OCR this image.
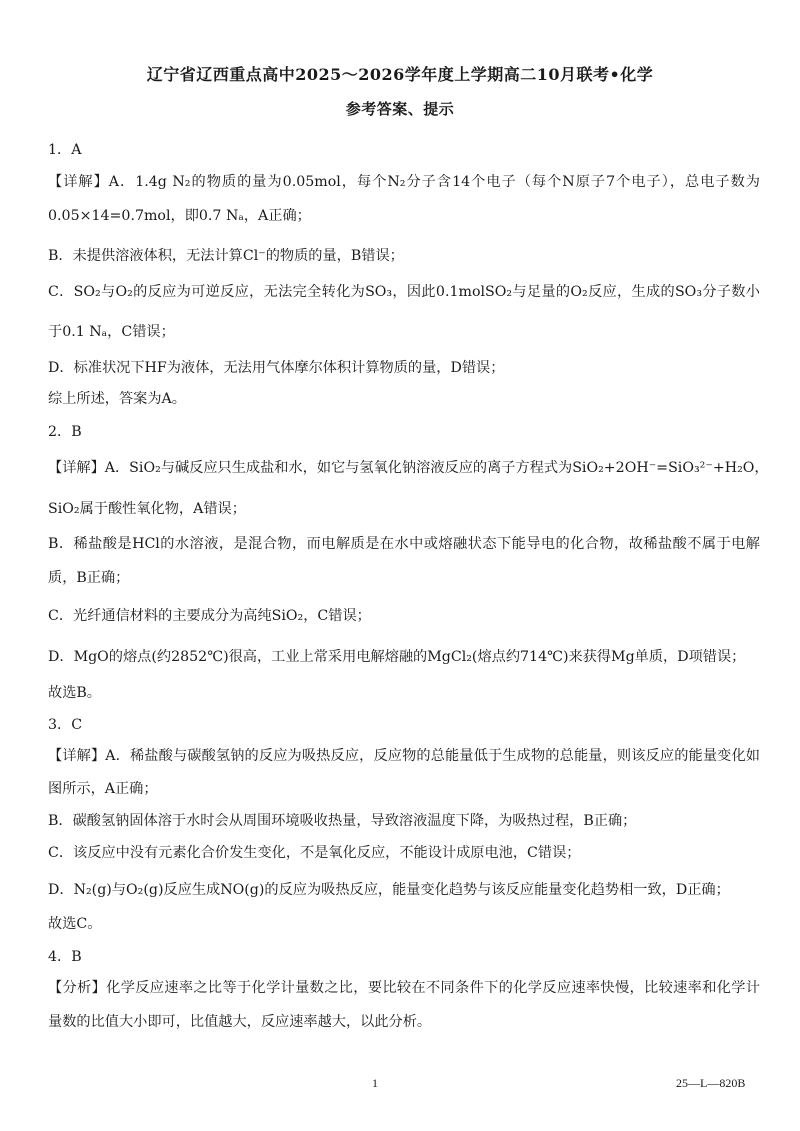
辽宁省辽西重点高中2025～2026学年度上学期高二10月联考•化学
参考答案、提示
1．A
【详解】A．1.4g N₂的物质的量为0.05mol，每个N₂分子含14个电子（每个N原子7个电子），总电子数为
0.05×14=0.7mol，即0.7 Nₐ，A正确；
B．未提供溶液体积，无法计算Cl⁻的物质的量，B错误；
C．SO₂与O₂的反应为可逆反应，无法完全转化为SO₃，因此0.1molSO₂与足量的O₂反应，生成的SO₃分子数小
于0.1 Nₐ，C错误；
D．标准状况下HF为液体，无法用气体摩尔体积计算物质的量，D错误；
综上所述，答案为A。
2．B
【详解】A．SiO₂与碱反应只生成盐和水，如它与氢氧化钠溶液反应的离子方程式为SiO₂+2OH⁻=SiO₃²⁻+H₂O，
SiO₂属于酸性氧化物，A错误；
B．稀盐酸是HCl的水溶液，是混合物，而电解质是在水中或熔融状态下能导电的化合物，故稀盐酸不属于电解
质，B正确；
C．光纤通信材料的主要成分为高纯SiO₂，C错误；
D．MgO的熔点(约2852℃)很高，工业上常采用电解熔融的MgCl₂(熔点约714℃)来获得Mg单质，D项错误；
故选B。
3．C
【详解】A．稀盐酸与碳酸氢钠的反应为吸热反应，反应物的总能量低于生成物的总能量，则该反应的能量变化如
图所示，A正确；
B．碳酸氢钠固体溶于水时会从周围环境吸收热量，导致溶液温度下降，为吸热过程，B正确；
C．该反应中没有元素化合价发生变化，不是氧化反应，不能设计成原电池，C错误；
D．N₂(g)与O₂(g)反应生成NO(g)的反应为吸热反应，能量变化趋势与该反应能量变化趋势相一致，D正确；
故选C。
4．B
【分析】化学反应速率之比等于化学计量数之比，要比较在不同条件下的化学反应速率快慢，比较速率和化学计
量数的比值大小即可，比值越大，反应速率越大，以此分析。
1	25—L—820B
